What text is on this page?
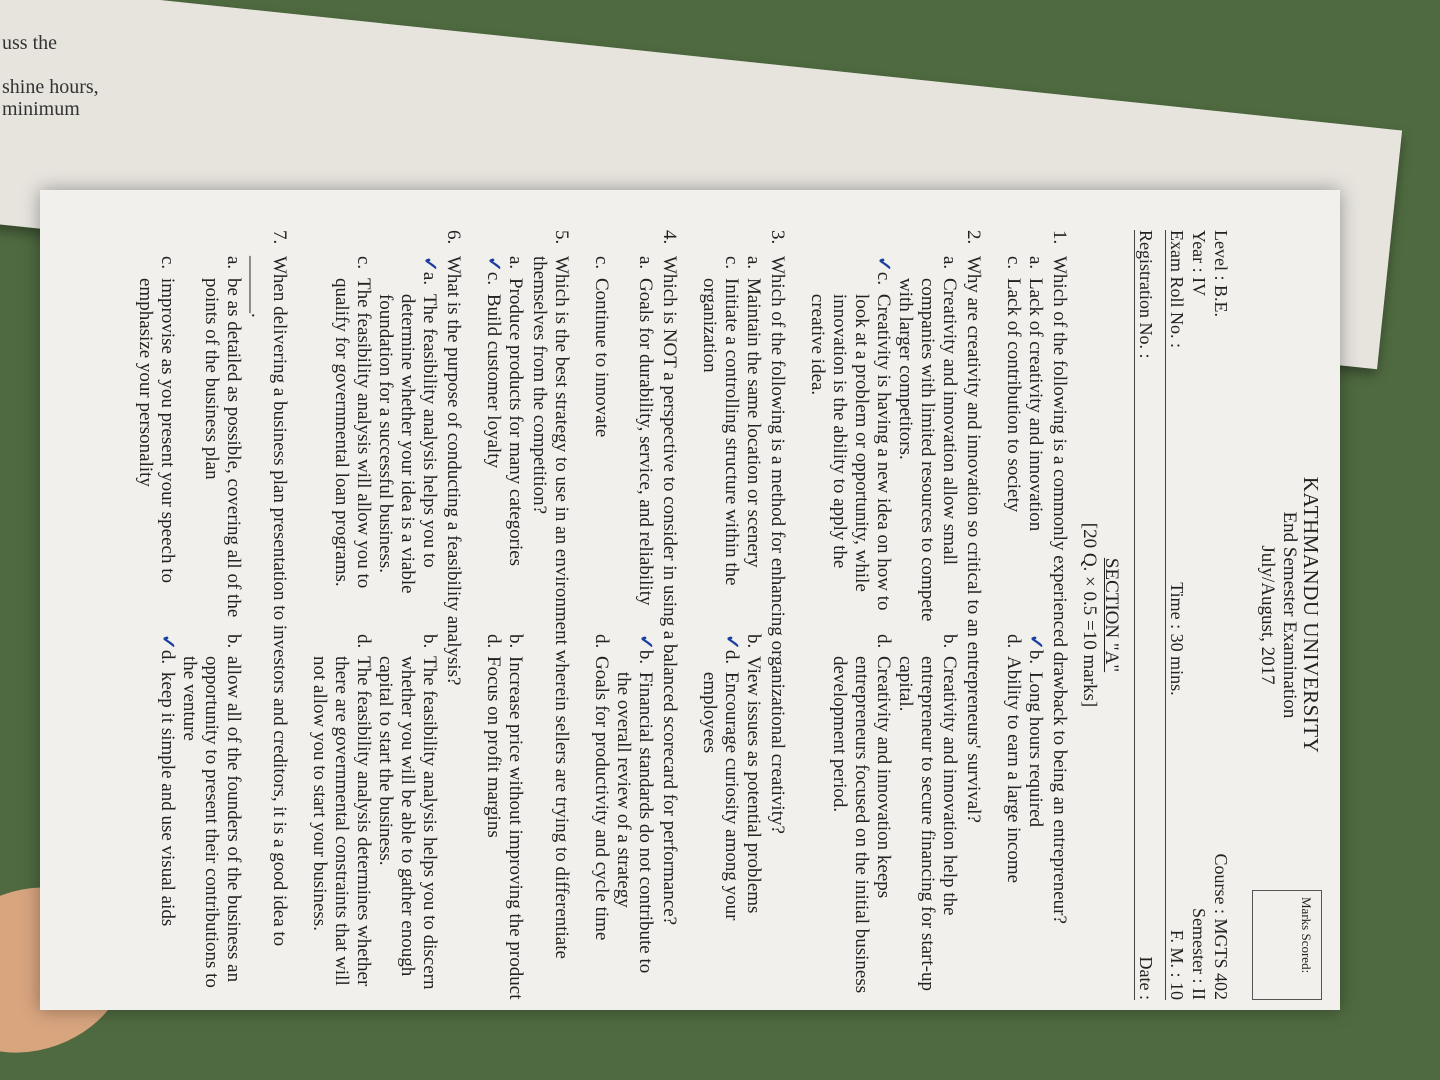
uss the
shine hours,
minimum
KATHMANDU UNIVERSITY
End Semester Examination
July/August, 2017
Marks Scored:
Level : B.E.
Course : MGTS 402
Year : IV
Semester : II
Exam Roll No. :
Time : 30 mins.
F. M. : 10
Registration No. :
Date :
SECTION "A"
[20 Q. × 0.5 =10 marks]
1.
Which of the following is a commonly experienced drawback to being an entrepreneur?
a.
Lack of creativity and innovation
✓
b.
Long hours required
c.
Lack of contribution to society
d.
Ability to earn a large income
2.
Why are creativity and innovation so critical to an entrepreneurs' survival?
a.
Creativity and innovation allow small companies with limited resources to compete with larger competitors.
b.
Creativity and innovation help the entrepreneur to secure financing for start-up capital.
✓
c.
Creativity is having a new idea on how to look at a problem or opportunity, while innovation is the ability to apply the creative idea.
d.
Creativity and innovation keeps entrepreneurs focused on the initial business development period.
3.
Which of the following is a method for enhancing organizational creativity?
a.
Maintain the same location or scenery
b.
View issues as potential problems
c.
Initiate a controlling structure within the organization
✓
d.
Encourage curiosity among your employees
4.
Which is NOT a perspective to consider in using a balanced scorecard for performance?
a.
Goals for durability, service, and reliability
✓
b.
Financial standards do not contribute to the overall review of a strategy
c.
Continue to innovate
d.
Goals for productivity and cycle time
5.
Which is the best strategy to use in an environment wherein sellers are trying to differentiate themselves from the competition?
a.
Produce products for many categories
b.
Increase price without improving the product
✓
c.
Build customer loyalty
d.
Focus on profit margins
6.
What is the purpose of conducting a feasibility analysis?
✓
a.
The feasibility analysis helps you to determine whether your idea is a viable foundation for a successful business.
b.
The feasibility analysis helps you to discern whether you will be able to gather enough capital to start the business.
c.
The feasibility analysis will allow you to qualify for governmental loan programs.
d.
The feasibility analysis determines whether there are governmental constraints that will not allow you to start your business.
7.
When delivering a business plan presentation to investors and creditors, it is a good idea to ______.
a.
be as detailed as possible, covering all of the points of the business plan
b.
allow all of the founders of the business an opportunity to present their contributions to the venture
c.
improvise as you present your speech to emphasize your personality
✓
d.
keep it simple and use visual aids
